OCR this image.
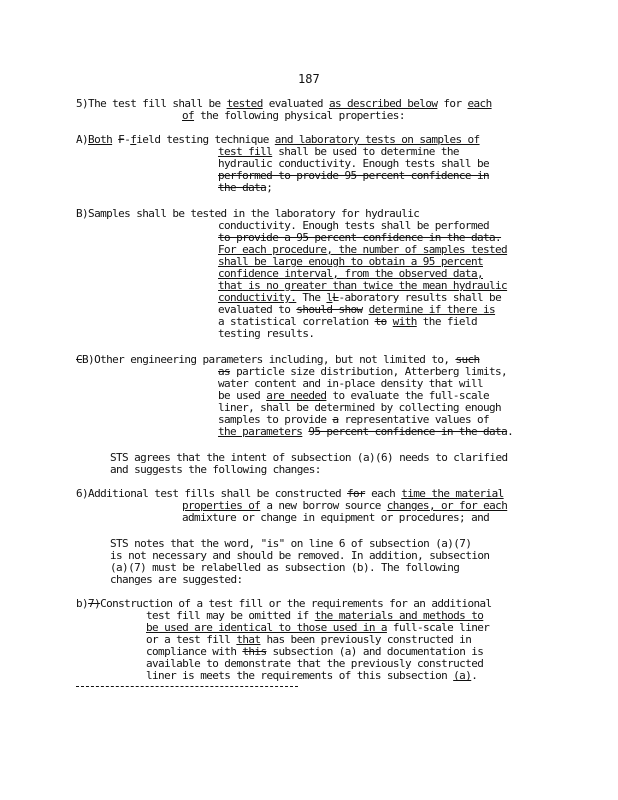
187
5)The test fill shall be tested evaluated as described below for each
of the following physical properties:
A)Both F-field testing technique and laboratory tests on samples of
test fill shall be used to determine the
hydraulic conductivity. Enough tests shall be
performed to provide 95 percent confidence in
the data;
B)Samples shall be tested in the laboratory for hydraulic
conductivity. Enough tests shall be performed
to provide a 95 percent confidence in the data.
For each procedure, the number of samples tested
shall be large enough to obtain a 95 percent
confidence interval, from the observed data,
that is no greater than twice the mean hydraulic
conductivity. The lL-aboratory results shall be
evaluated to should show determine if there is
a statistical correlation to with the field
testing results.
CB)Other engineering parameters including, but not limited to, such
as particle size distribution, Atterberg limits,
water content and in-place density that will
be used are needed to evaluate the full-scale
liner, shall be determined by collecting enough
samples to provide a representative values of
the parameters 95 percent confidence in the data.
STS agrees that the intent of subsection (a)(6) needs to clarified
and suggests the following changes:
6)Additional test fills shall be constructed for each time the material
properties of a new borrow source changes, or for each
admixture or change in equipment or procedures; and
STS notes that the word, "is" on line 6 of subsection (a)(7)
is not necessary and should be removed. In addition, subsection
(a)(7) must be relabelled as subsection (b). The following
changes are suggested:
b)7)Construction of a test fill or the requirements for an additional
test fill may be omitted if the materials and methods to
be used are identical to those used in a full-scale liner
or a test fill that has been previously constructed in
compliance with this subsection (a) and documentation is
available to demonstrate that the previously constructed
liner is meets the requirements of this subsection (a).
